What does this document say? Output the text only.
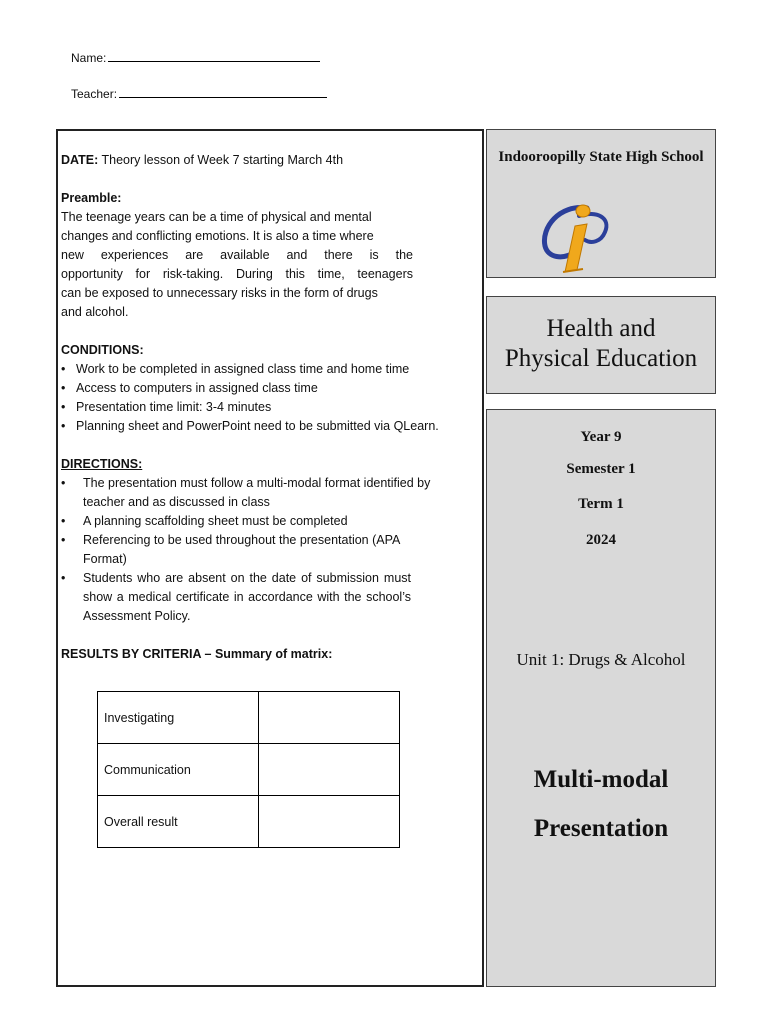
Name:
Teacher:

DATE: Theory lesson of Week 7 starting March 4th

Preamble:

The teenage years can be a time of physical and mental
changes and conflicting emotions. It is also a time where
new experiences are available and there is the
opportunity for risk-taking. During this time, teenagers
can be exposed to unnecessary risks in the form of drugs
and alcohol.

CONDITIONS:

• Work to be completed in assigned class time and home time
• Access to computers in assigned class time
• Presentation time limit: 3-4 minutes
• Planning sheet and PowerPoint need to be submitted via QLearn.

DIRECTIONS:

• The presentation must follow a multi-modal format identified by teacher and as discussed in class
• A planning scaffolding sheet must be completed
• Referencing to be used throughout the presentation (APA Format)
• Students who are absent on the date of submission must show a medical certificate in accordance with the school’s Assessment Policy.

RESULTS BY CRITERIA – Summary of matrix:

Investigating	
Communication	
Overall result	
Indooroopilly State High School
Health and
Physical Education
Year 9
Semester 1
Term 1
2024
Unit 1: Drugs & Alcohol
Multi-modal
Presentation
